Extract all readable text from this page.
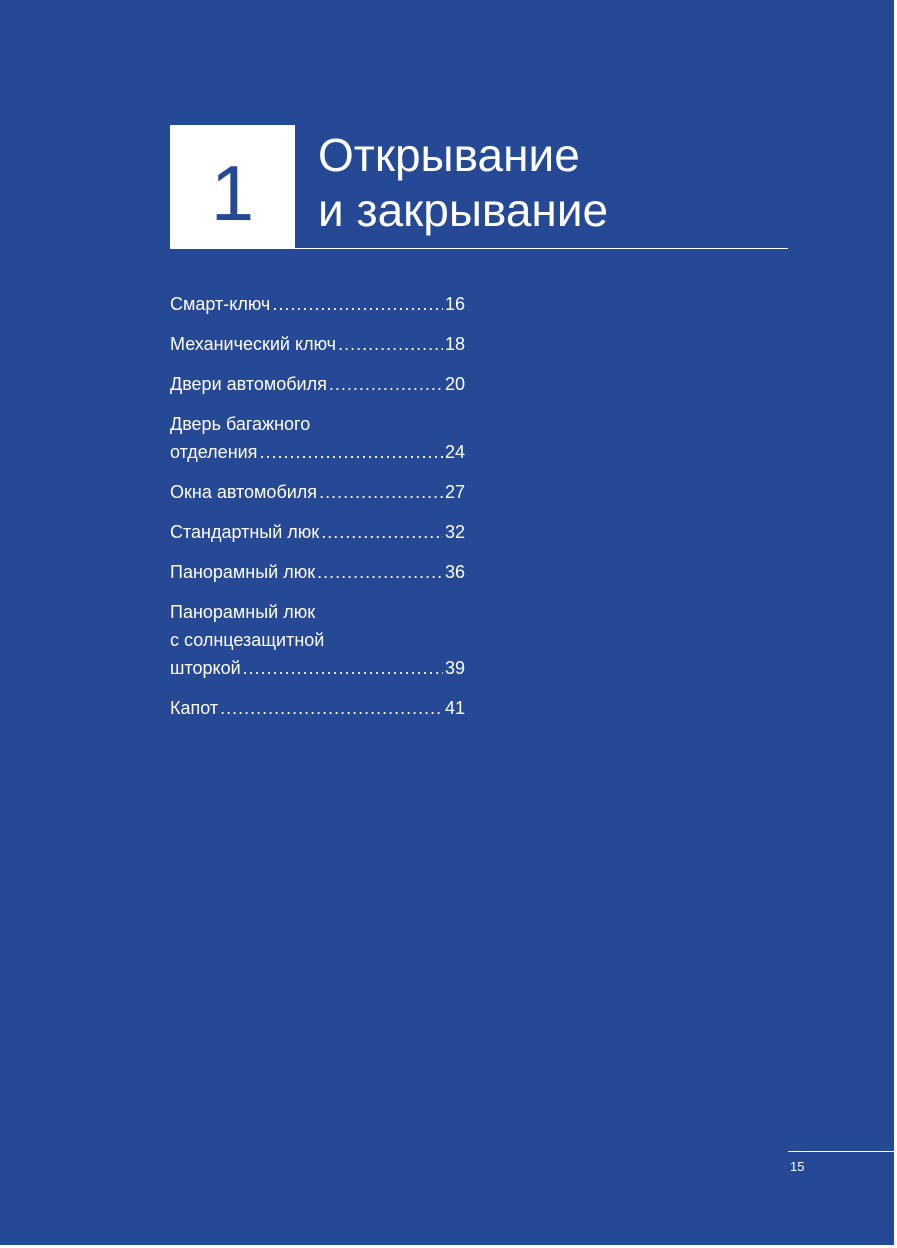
1 Открывание
и закрывание
Смарт-ключ .....	16
Механический ключ .....	18
Двери автомобиля .....	20
Дверь багажного
отделения .....	24
Окна автомобиля .....	27
Стандартный люк .....	32
Панорамный люк .....	36
Панорамный люк
с солнцезащитной
шторкой .....	39
Капот .....	41
15
